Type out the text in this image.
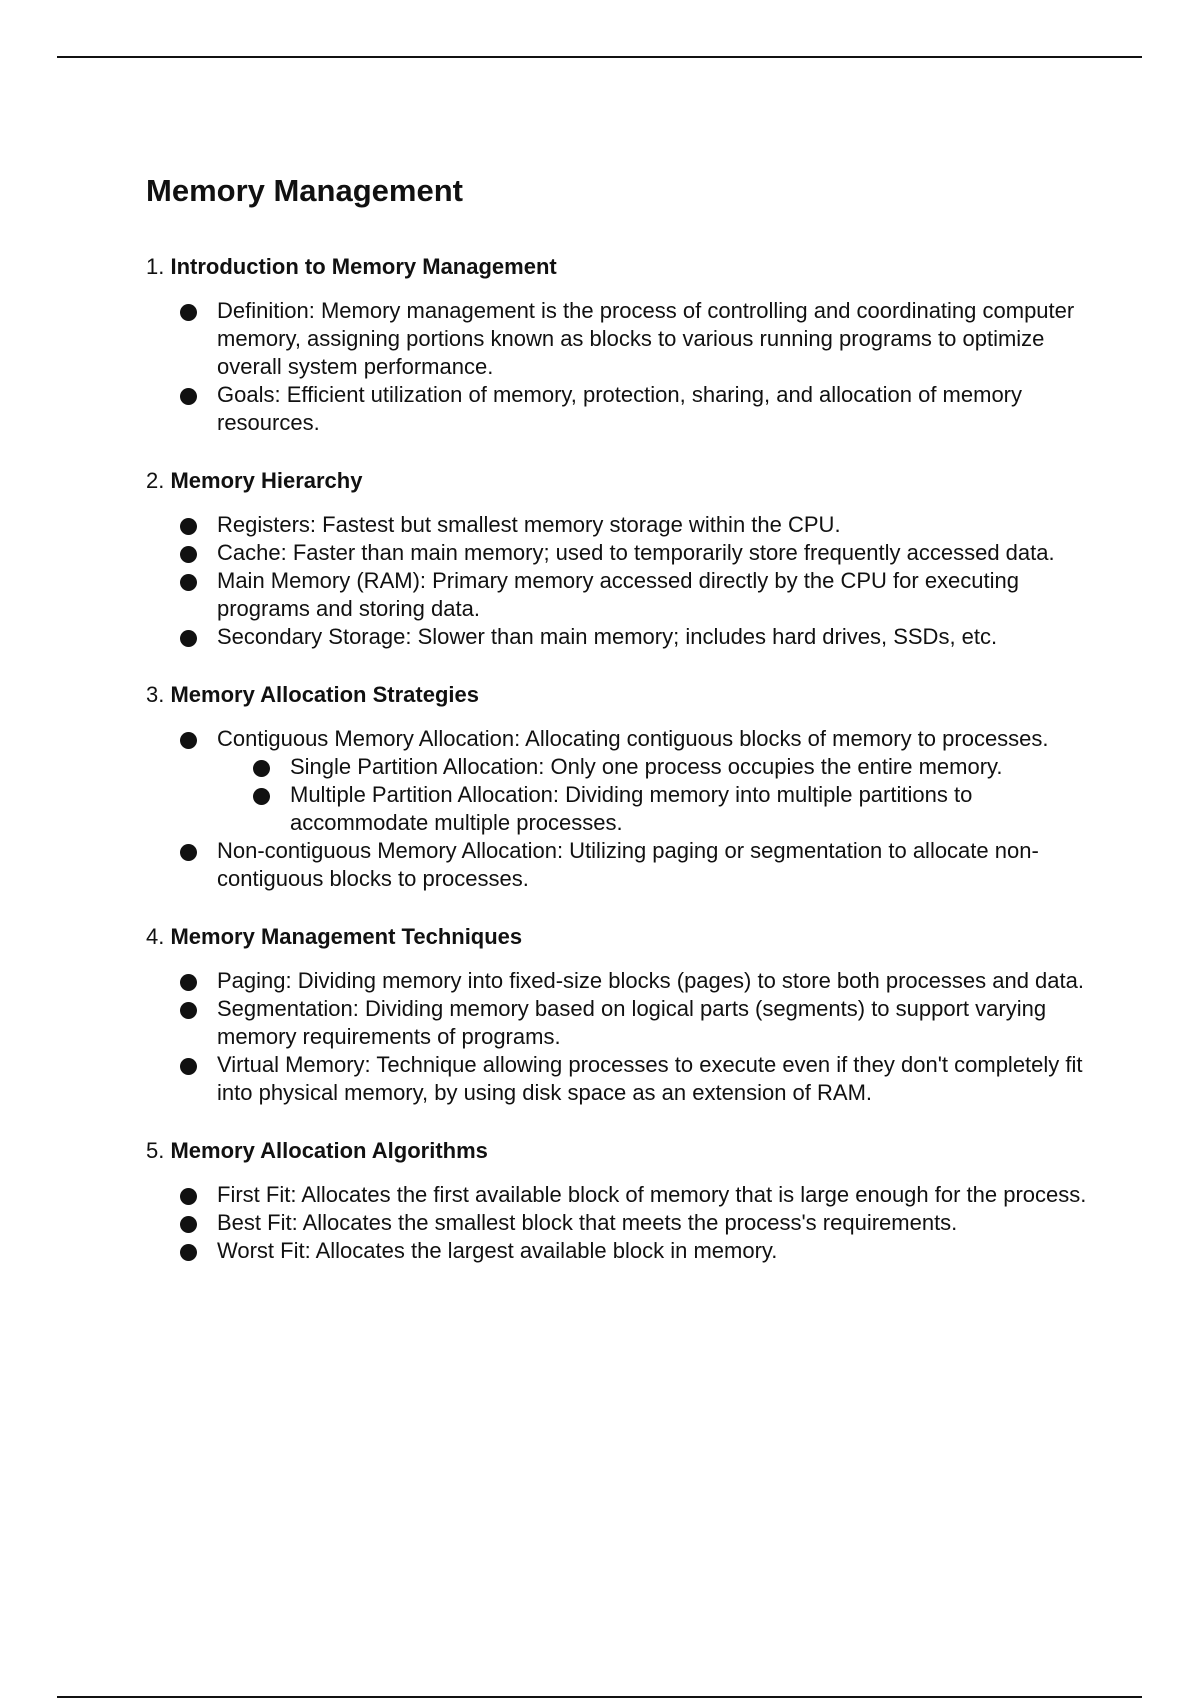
Memory Management
1. Introduction to Memory Management
Definition: Memory management is the process of controlling and coordinating computer memory, assigning portions known as blocks to various running programs to optimize overall system performance.
Goals: Efficient utilization of memory, protection, sharing, and allocation of memory resources.
2. Memory Hierarchy
Registers: Fastest but smallest memory storage within the CPU.
Cache: Faster than main memory; used to temporarily store frequently accessed data.
Main Memory (RAM): Primary memory accessed directly by the CPU for executing programs and storing data.
Secondary Storage: Slower than main memory; includes hard drives, SSDs, etc.
3. Memory Allocation Strategies
Contiguous Memory Allocation: Allocating contiguous blocks of memory to processes.
Single Partition Allocation: Only one process occupies the entire memory.
Multiple Partition Allocation: Dividing memory into multiple partitions to accommodate multiple processes.
Non-contiguous Memory Allocation: Utilizing paging or segmentation to allocate non-contiguous blocks to processes.
4. Memory Management Techniques
Paging: Dividing memory into fixed-size blocks (pages) to store both processes and data.
Segmentation: Dividing memory based on logical parts (segments) to support varying memory requirements of programs.
Virtual Memory: Technique allowing processes to execute even if they don't completely fit into physical memory, by using disk space as an extension of RAM.
5. Memory Allocation Algorithms
First Fit: Allocates the first available block of memory that is large enough for the process.
Best Fit: Allocates the smallest block that meets the process's requirements.
Worst Fit: Allocates the largest available block in memory.
